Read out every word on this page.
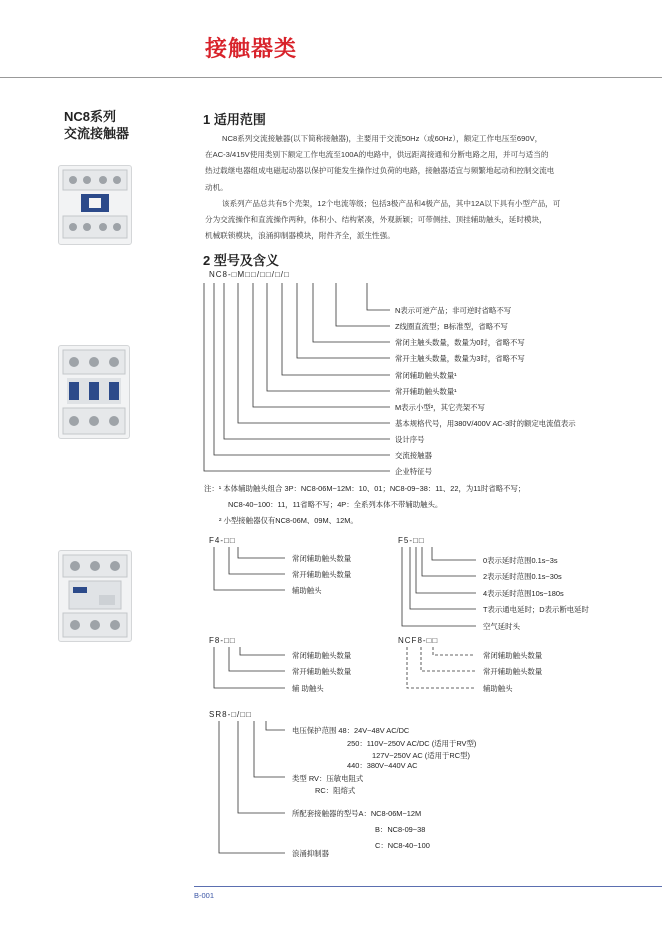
接触器类
NC8系列
交流接触器
1 适用范围
NC8系列交流接触器(以下简称接触器)，主要用于交流50Hz（或60Hz），额定工作电压至690V，
在AC-3/415V使用类别下额定工作电流至100A的电路中，供远距离接通和分断电路之用，并可与适当的
热过载继电器组成电磁起动器以保护可能发生操作过负荷的电路，接触器适宜与频繁地起动和控制交流电
动机。
该系列产品总共有5个壳架，12个电流等级；包括3极产品和4极产品，其中12A以下具有小型产品，可
分为交流操作和直流操作两种，体积小、结构紧凑，外观新颖；可带侧挂、顶挂辅助触头，延时模块，
机械联锁模块，浪涌抑制器模块，附件齐全，派生性强。
2 型号及含义
NC8-□M□□/□□/□/□
N表示可逆产品；非可逆时省略不写
Z线圈直流型；B标准型，省略不写
常闭主触头数量，数量为0时，省略不写
常开主触头数量，数量为3时，省略不写
常闭辅助触头数量¹
常开辅助触头数量¹
M表示小型²，其它壳架不写
基本规格代号，用380V/400V AC-3时的额定电流值表示
设计序号
交流接触器
企业特征号
注：¹ 本体辅助触头组合 3P：NC8-06M~12M：10、01；NC8-09~38：11、22，为11时省略不写；
NC8-40~100：11，11省略不写；4P：全系列本体不带辅助触头。
² 小型接触器仅有NC8-06M、09M、12M。
F4-□□
常闭辅助触头数量
常开辅助触头数量
辅助触头
F5-□□
0表示延时范围0.1s~3s
2表示延时范围0.1s~30s
4表示延时范围10s~180s
T表示通电延时；D表示断电延时
空气延时头
F8-□□
常闭辅助触头数量
常开辅助触头数量
辅 助触头
NCF8-□□
常闭辅助触头数量
常开辅助触头数量
辅助触头
SR8-□/□□
电压保护范围 48：24V~48V AC/DC
250：110V~250V AC/DC (适用于RV型)
127V~250V AC (适用于RC型)
440：380V~440V AC
类型 RV：压敏电阻式
RC：阻熔式
所配套接触器的型号A：NC8-06M~12M
B：NC8-09~38
C：NC8-40~100
浪涌抑制器
B-001
